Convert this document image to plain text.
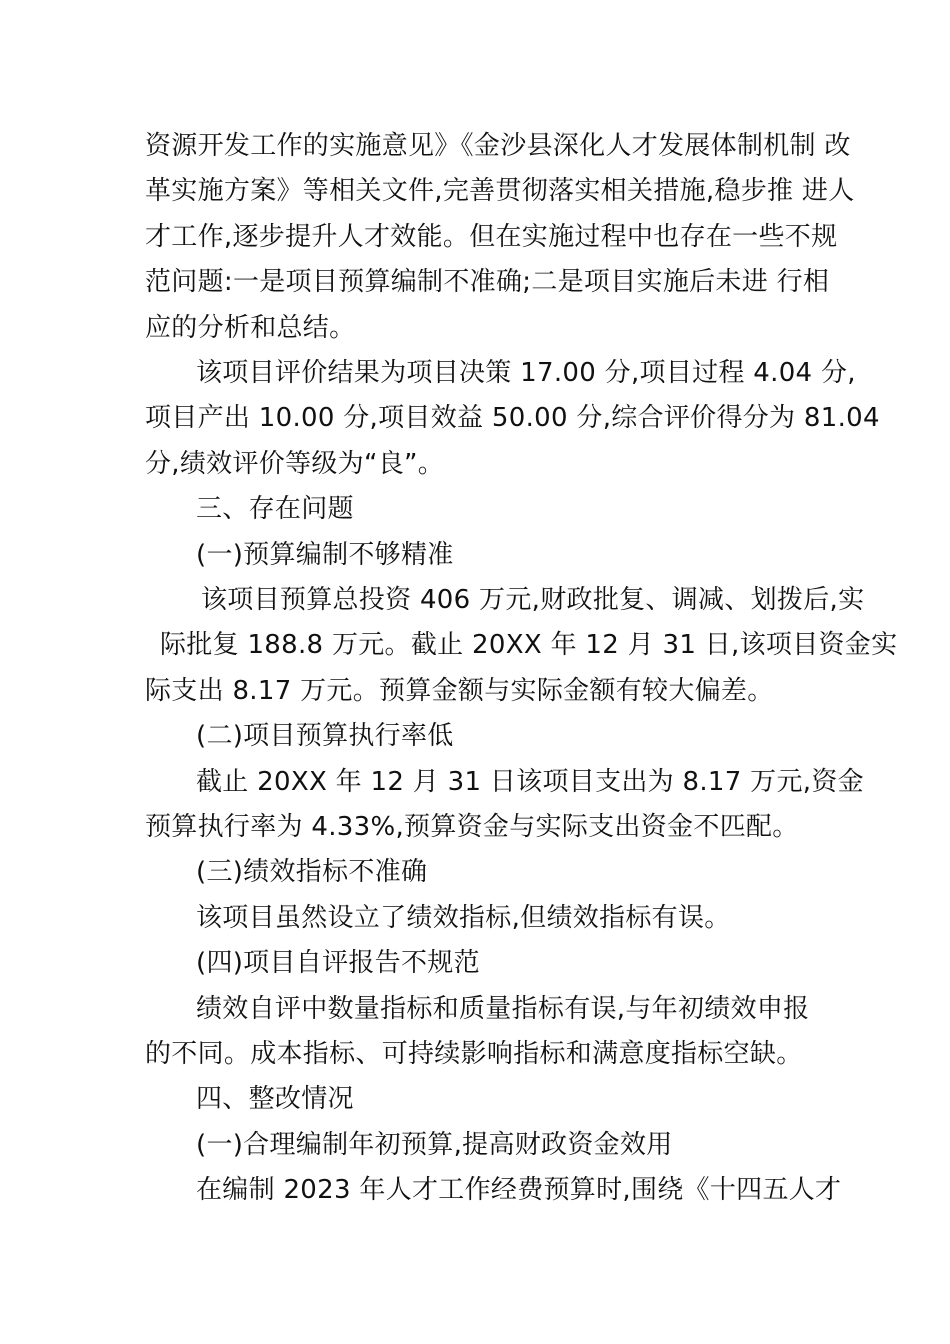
资源开发工作的实施意见》《金沙县深化人才发展体制机制 改
革实施方案》等相关文件,完善贯彻落实相关措施,稳步推 进人
才工作,逐步提升人才效能。但在实施过程中也存在一些不规
范问题:一是项目预算编制不准确;二是项目实施后未进 行相
应的分析和总结。
该项目评价结果为项目决策 17.00 分,项目过程 4.04 分,
项目产出 10.00 分,项目效益 50.00 分,综合评价得分为 81.04
分,绩效评价等级为“良”。
三、存在问题
(一)预算编制不够精准
该项目预算总投资 406 万元,财政批复、调减、划拨后,实
际批复 188.8 万元。截止 20XX 年 12 月 31 日,该项目资金实
际支出 8.17 万元。预算金额与实际金额有较大偏差。
(二)项目预算执行率低
截止 20XX 年 12 月 31 日该项目支出为 8.17 万元,资金
预算执行率为 4.33%,预算资金与实际支出资金不匹配。
(三)绩效指标不准确
该项目虽然设立了绩效指标,但绩效指标有误。
(四)项目自评报告不规范
绩效自评中数量指标和质量指标有误,与年初绩效申报
的不同。成本指标、可持续影响指标和满意度指标空缺。
四、整改情况
(一)合理编制年初预算,提高财政资金效用
在编制 2023 年人才工作经费预算时,围绕《十四五人才
